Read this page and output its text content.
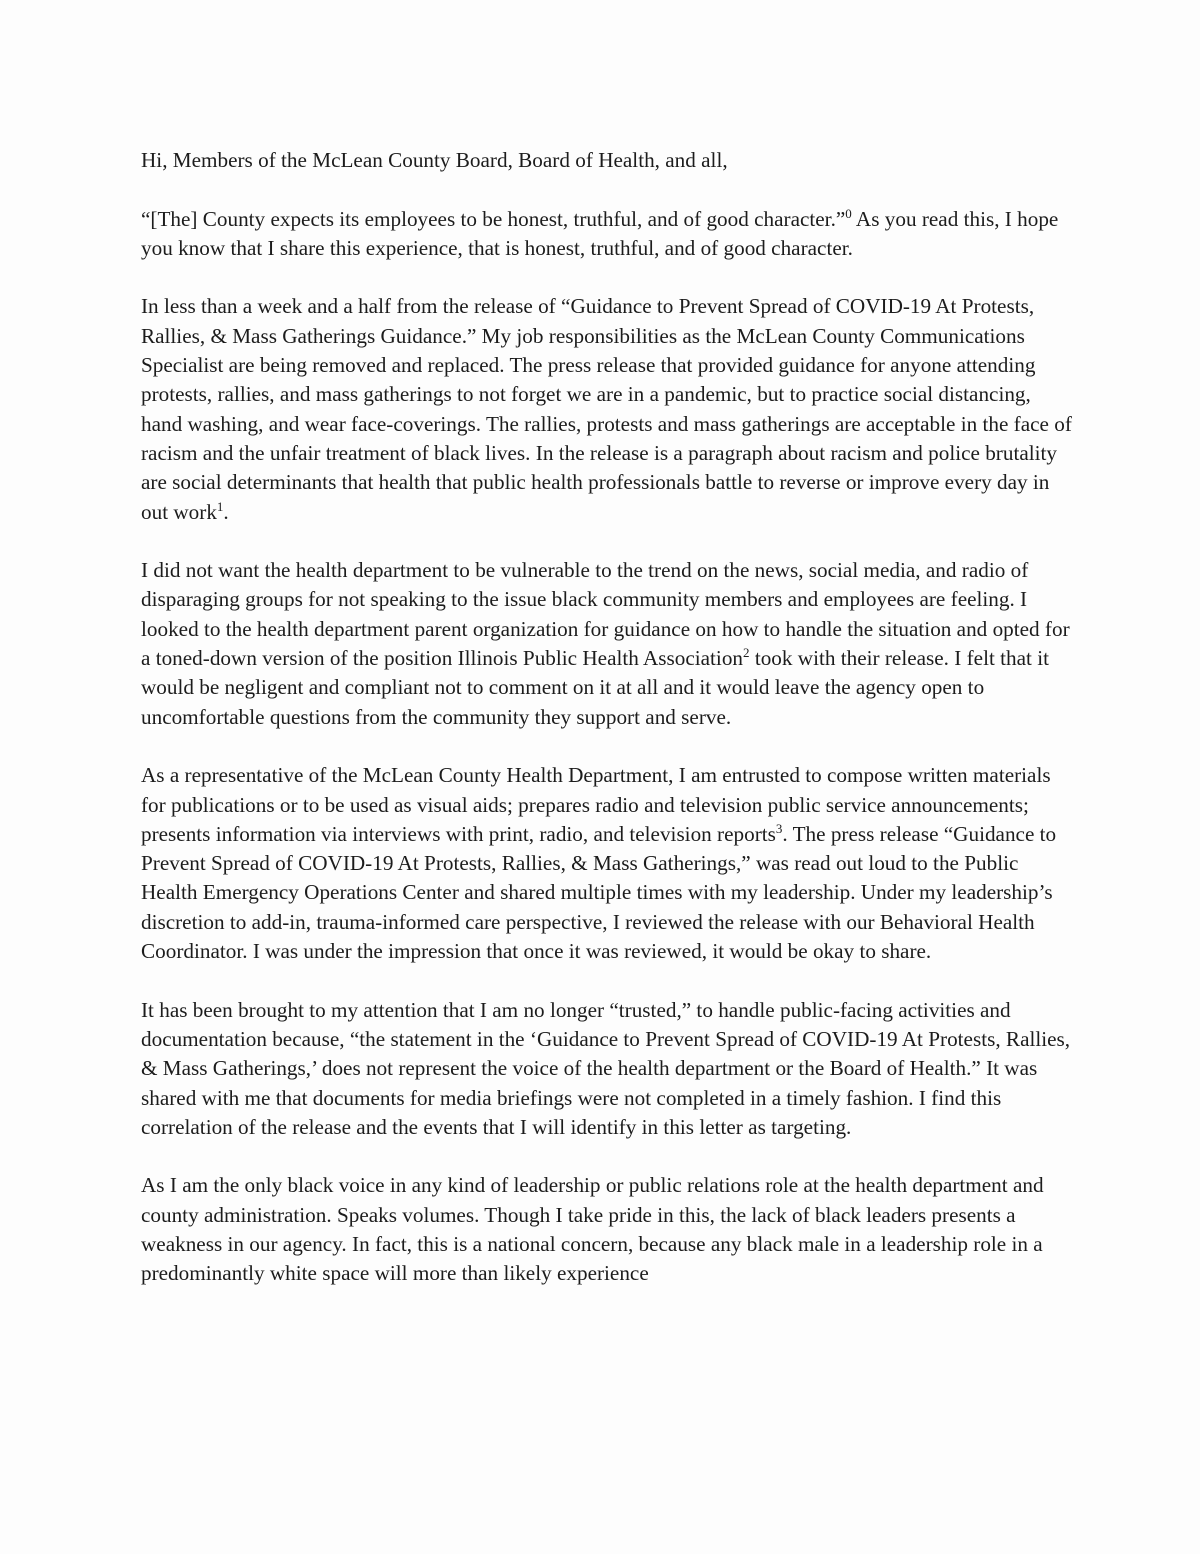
Hi, Members of the McLean County Board, Board of Health, and all,

“[The] County expects its employees to be honest, truthful, and of good character.”$^0$ As you read this, I hope you know that I share this experience, that is honest, truthful, and of good character.

In less than a week and a half from the release of “Guidance to Prevent Spread of COVID-19 At Protests, Rallies, & Mass Gatherings Guidance.” My job responsibilities as the McLean County Communications Specialist are being removed and replaced. The press release that provided guidance for anyone attending protests, rallies, and mass gatherings to not forget we are in a pandemic, but to practice social distancing, hand washing, and wear face-coverings. The rallies, protests and mass gatherings are acceptable in the face of racism and the unfair treatment of black lives. In the release is a paragraph about racism and police brutality are social determinants that health that public health professionals battle to reverse or improve every day in out work$^1$.

I did not want the health department to be vulnerable to the trend on the news, social media, and radio of disparaging groups for not speaking to the issue black community members and employees are feeling. I looked to the health department parent organization for guidance on how to handle the situation and opted for a toned-down version of the position Illinois Public Health Association$^2$ took with their release. I felt that it would be negligent and compliant not to comment on it at all and it would leave the agency open to uncomfortable questions from the community they support and serve.

As a representative of the McLean County Health Department, I am entrusted to compose written materials for publications or to be used as visual aids; prepares radio and television public service announcements; presents information via interviews with print, radio, and television reports$^3$. The press release “Guidance to Prevent Spread of COVID-19 At Protests, Rallies, & Mass Gatherings,” was read out loud to the Public Health Emergency Operations Center and shared multiple times with my leadership. Under my leadership’s discretion to add-in, trauma-informed care perspective, I reviewed the release with our Behavioral Health Coordinator. I was under the impression that once it was reviewed, it would be okay to share.

It has been brought to my attention that I am no longer “trusted,” to handle public-facing activities and documentation because, “the statement in the ‘Guidance to Prevent Spread of COVID-19 At Protests, Rallies, & Mass Gatherings,’ does not represent the voice of the health department or the Board of Health.” It was shared with me that documents for media briefings were not completed in a timely fashion. I find this correlation of the release and the events that I will identify in this letter as targeting.

As I am the only black voice in any kind of leadership or public relations role at the health department and county administration. Speaks volumes. Though I take pride in this, the lack of black leaders presents a weakness in our agency. In fact, this is a national concern, because any black male in a leadership role in a predominantly white space will more than likely experience
